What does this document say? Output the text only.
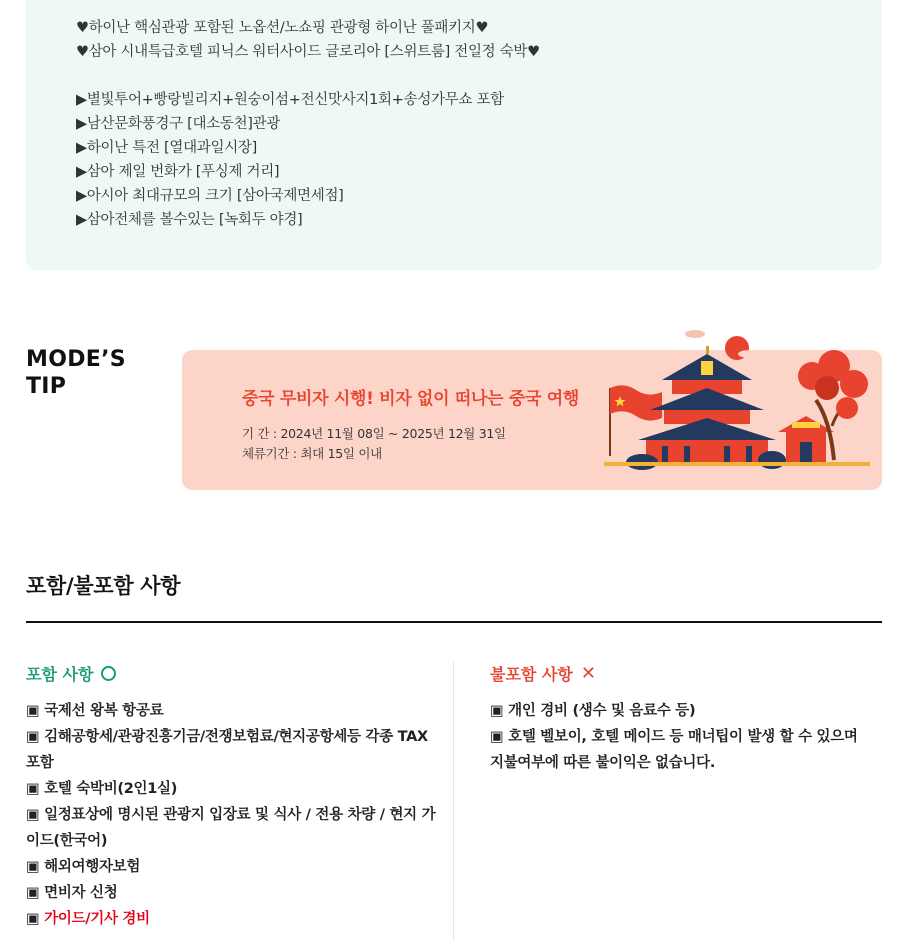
♥하이난 핵심관광 포함된 노옵션/노쇼핑 관광형 하이난 풀패키지♥
♥삼아 시내특급호텔 피닉스 워터사이드 글로리아 [스위트룸] 전일정 숙박♥
▶별빛투어+빵랑빌리지+원숭이섬+전신맛사지1회+송성가무쇼 포함
▶남산문화풍경구 [대소동천]관광
▶하이난 특전 [열대과일시장]
▶삼아 제일 번화가 [푸싱제 거리]
▶아시아 최대규모의 크기 [삼아국제면세점]
▶삼아전체를 볼수있는 [녹회두 야경]
MODE’S
TIP	중국 무비자 시행! 비자 없이 떠나는 중국 여행
기 간 : 2024년 11월 08일 ~ 2025년 12월 31일
체류기간 : 최대 15일 이내
포함/불포함 사항
포함 사항	불포함 사항 ✕
▣ 국제선 왕복 항공료
▣ 김해공항세/관광진흥기금/전쟁보험료/현지공항세등 각종 TAX 포함
▣ 호텔 숙박비(2인1실)
▣ 일정표상에 명시된 관광지 입장료 및 식사 / 전용 차량 / 현지 가이드(한국어)
▣ 해외여행자보험
▣ 면비자 신청
▣ 가이드/기사 경비
▣ 개인 경비 (생수 및 음료수 등)
▣ 호텔 벨보이, 호텔 메이드 등 매너팁이 발생 할 수 있으며 지불여부에 따른 불이익은 없습니다.
